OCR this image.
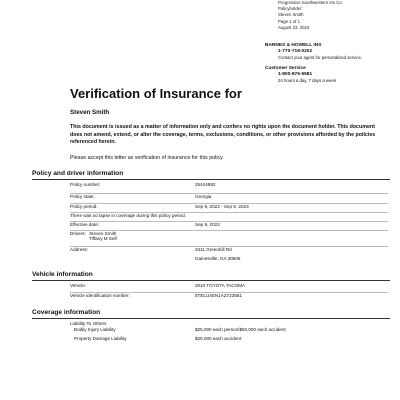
Progressive Southwestern Ins Co
Policyholder:
Steven Smith
Page 1 of 1
August 23, 2023
BARNES & HOWELL INS
1-770-718-0202
Contact your agent for personalized service.
Customer Service
1-800-876-5581
24 hours a day, 7 days a week
Verification of Insurance for
Steven Smith
This document is issued as a matter of information only and confers no rights upon the document holder. This document does not amend, extend, or alter the coverage, terms, exclusions, conditions, or other provisions afforded by the policies referenced herein.
Please accept this letter as verification of insurance for this policy.
Policy and driver information
Policy number:	25444892
Policy state:	Georgia
Policy period:	Sep 9, 2022 - Sep 9, 2023
There was no lapse in coverage during this policy period.
Effective date:	Sep 9, 2022
Drivers: Steven Smith
Tiffany M Self
Address:	3411 Greenhill Rd
Gainesville, GA 30506
Vehicle information
Vehicle:	2010 TOYOTA TACOMA
Vehicle identification number:	5TELU4EN1AZ723581
Coverage information
Liability To Others
Bodily Injury Liability	$25,000 each person/$50,000 each accident
Property Damage Liability	$25,000 each accident
